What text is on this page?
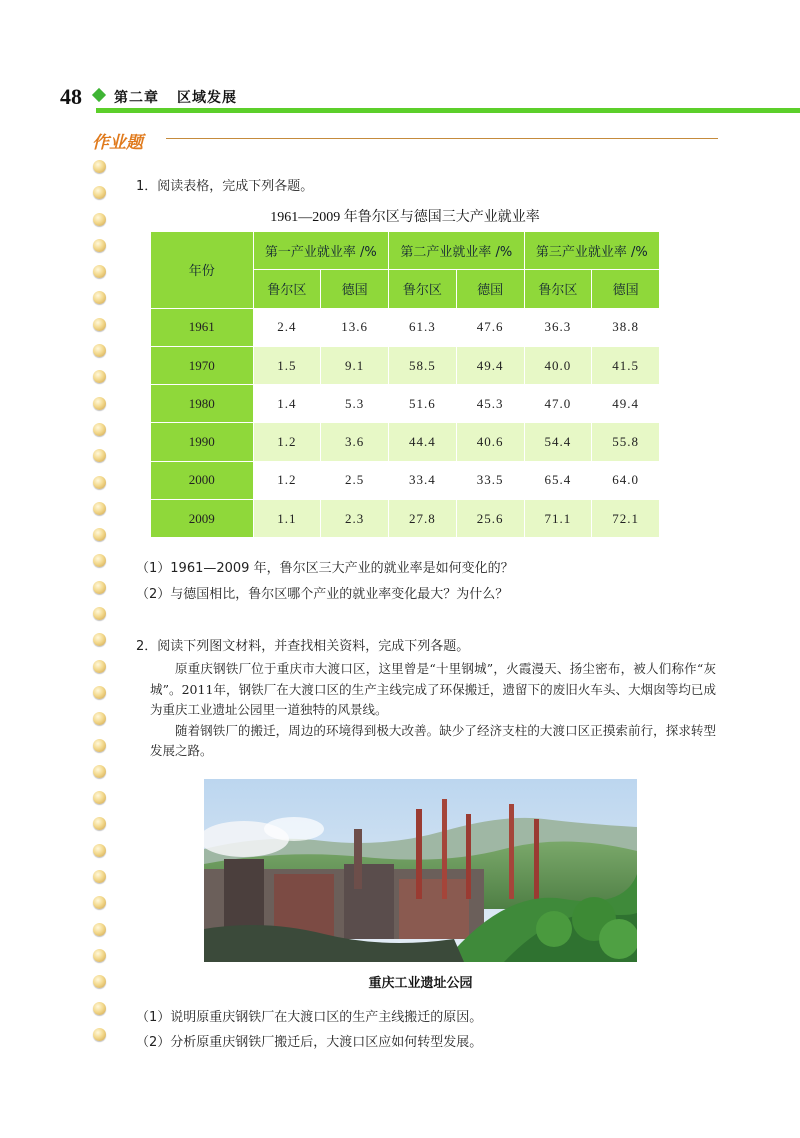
48 第二章 区域发展
作业题
1．阅读表格，完成下列各题。
1961—2009 年鲁尔区与德国三大产业就业率
年份	第一产业就业率 /%		第二产业就业率 /%		第三产业就业率 /%	
	鲁尔区	德国	鲁尔区	德国	鲁尔区	德国
1961	2.4	13.6	61.3	47.6	36.3	38.8
1970	1.5	9.1	58.5	49.4	40.0	41.5
1980	1.4	5.3	51.6	45.3	47.0	49.4
1990	1.2	3.6	44.4	40.6	54.4	55.8
2000	1.2	2.5	33.4	33.5	65.4	64.0
2009	1.1	2.3	27.8	25.6	71.1	72.1
（1）1961—2009 年，鲁尔区三大产业的就业率是如何变化的？
（2）与德国相比，鲁尔区哪个产业的就业率变化最大？为什么？
2．阅读下列图文材料，并查找相关资料，完成下列各题。

原重庆钢铁厂位于重庆市大渡口区，这里曾是“十里钢城”，火霞漫天、扬尘密布，被人们称作“灰城”。2011年，钢铁厂在大渡口区的生产主线完成了环保搬迁，遗留下的废旧火车头、大烟囱等均已成为重庆工业遗址公园里一道独特的风景线。

随着钢铁厂的搬迁，周边的环境得到极大改善。缺少了经济支柱的大渡口区正摸索前行，探求转型发展之路。

重庆工业遗址公园
（1）说明原重庆钢铁厂在大渡口区的生产主线搬迁的原因。
（2）分析原重庆钢铁厂搬迁后，大渡口区应如何转型发展。
